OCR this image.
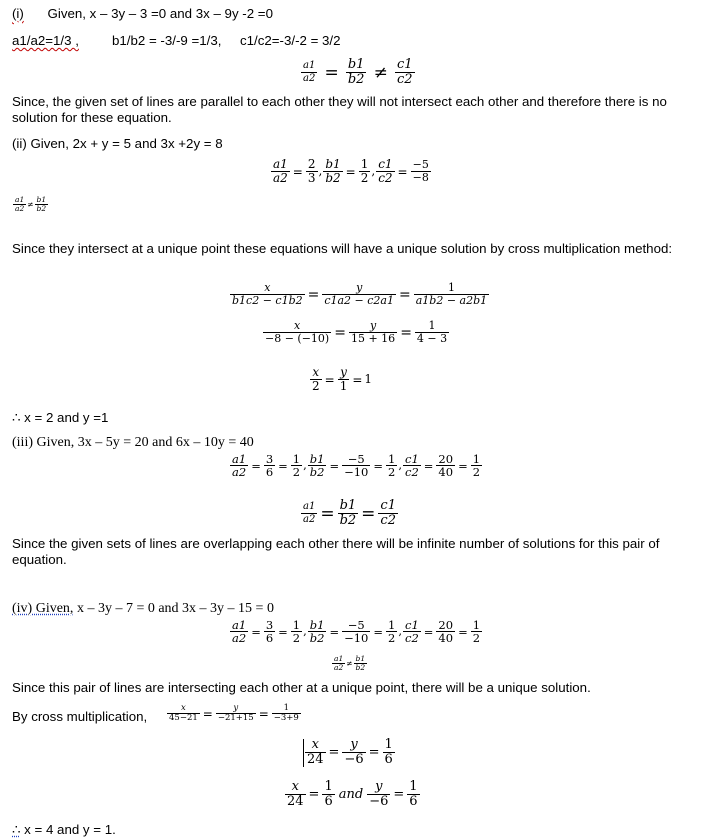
(i) Given, x – 3y – 3 =0 and 3x – 9y -2 =0
a1/a2=1/3 , b1/b2 = -3/-9 =1/3, c1/c2=-3/-2 = 3/2
$\frac{a1}{a2} = \frac{b1}{b2} \ne \frac{c1}{c2}$
Since, the given set of lines are parallel to each other they will not intersect each other and therefore there is no solution for these equation.
(ii) Given, 2x + y = 5 and 3x +2y = 8
$\frac{a1}{a2} = \frac{2}{3}$ , $\frac{b1}{b2} = \frac{1}{2}$ , $\frac{c1}{c2} = \frac{-5}{-8}$
$\frac{a1}{a2} \ne \frac{b1}{b2}$
Since they intersect at a unique point these equations will have a unique solution by cross multiplication method:
$\frac{x}{b1c2 - c1b2} = \frac{y}{c1a2 - c2a1} = \frac{1}{a1b2 - a2b1}$
$\frac{x}{-8 - (-10)} = \frac{y}{15 + 16} = \frac{1}{4 - 3}$
$\frac{x}{2} = \frac{y}{1} = 1$
∴ x = 2 and y =1
(iii) Given, 3x – 5y = 20 and 6x – 10y = 40
$\frac{a1}{a2} = \frac{3}{6} = \frac{1}{2}$ , $\frac{b1}{b2} = \frac{-5}{-10} = \frac{1}{2}$ , $\frac{c1}{c2} = \frac{20}{40} = \frac{1}{2}$
$\frac{a1}{a2} = \frac{b1}{b2} = \frac{c1}{c2}$
Since the given sets of lines are overlapping each other there will be infinite number of solutions for this pair of equation.
(iv) Given, x – 3y – 7 = 0 and 3x – 3y – 15 = 0
$\frac{a1}{a2} = \frac{3}{6} = \frac{1}{2}$ , $\frac{b1}{b2} = \frac{-5}{-10} = \frac{1}{2}$ , $\frac{c1}{c2} = \frac{20}{40} = \frac{1}{2}$
$\frac{a1}{a2} \ne \frac{b1}{b2}$
Since this pair of lines are intersecting each other at a unique point, there will be a unique solution.
By cross multiplication, $\frac{x}{45-21} = \frac{y}{-21+15} = \frac{1}{-3+9}$
$\frac{x}{24} = \frac{y}{-6} = \frac{1}{6}$
$\frac{x}{24} = \frac{1}{6}$ and $\frac{y}{-6} = \frac{1}{6}$
∴ x = 4 and y = 1.
